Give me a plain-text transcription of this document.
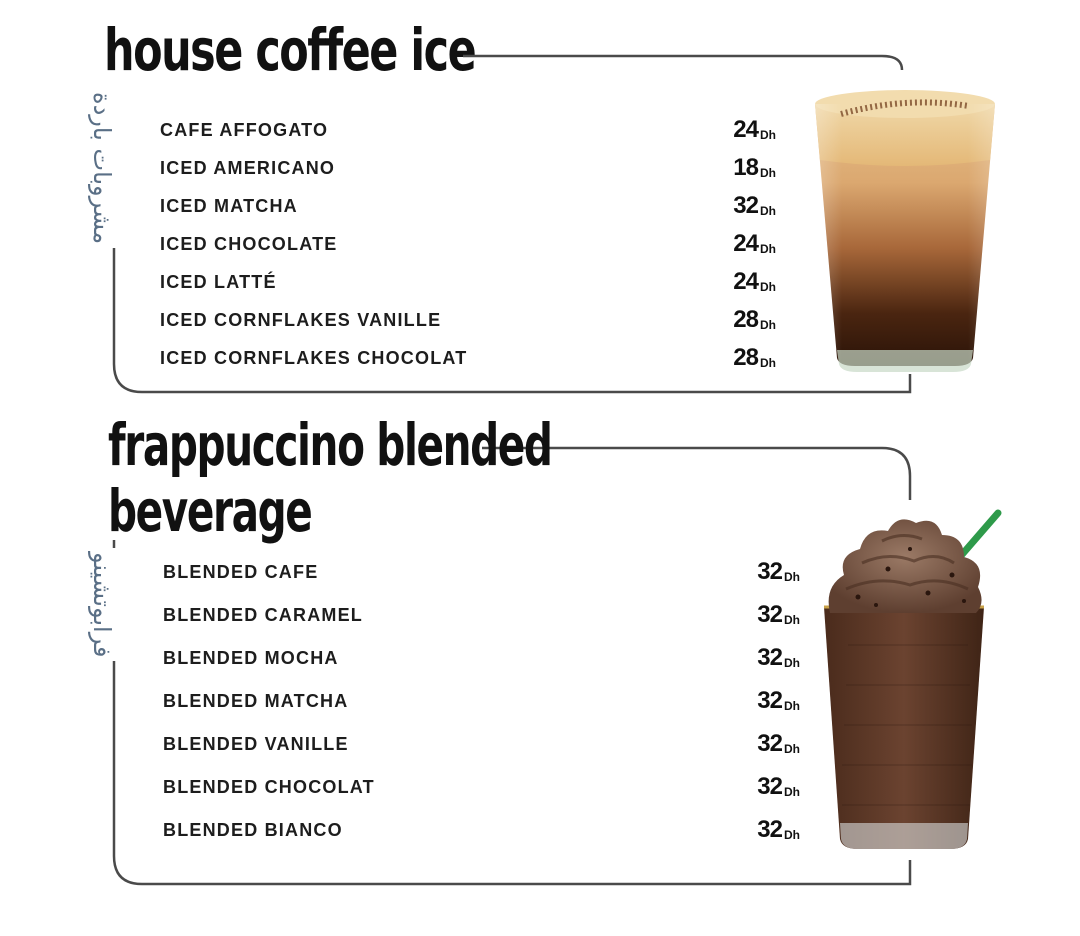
house coffee ice
مشروبات باردة CAFE AFFOGATO	24 Dh
ICED AMERICANO	18 Dh
ICED MATCHA	32 Dh
ICED CHOCOLATE	24 Dh
ICED LATTÉ	24 Dh
ICED CORNFLAKES VANILLE	28 Dh
ICED CORNFLAKES CHOCOLAT	28 Dh
frappuccino blended
beverage
فرابوتشينو	BLENDED CAFE	32 Dh
BLENDED CARAMEL	32 Dh
BLENDED MOCHA	32 Dh
BLENDED MATCHA	32 Dh
BLENDED VANILLE	32 Dh
BLENDED CHOCOLAT	32 Dh
BLENDED BIANCO	32 Dh
